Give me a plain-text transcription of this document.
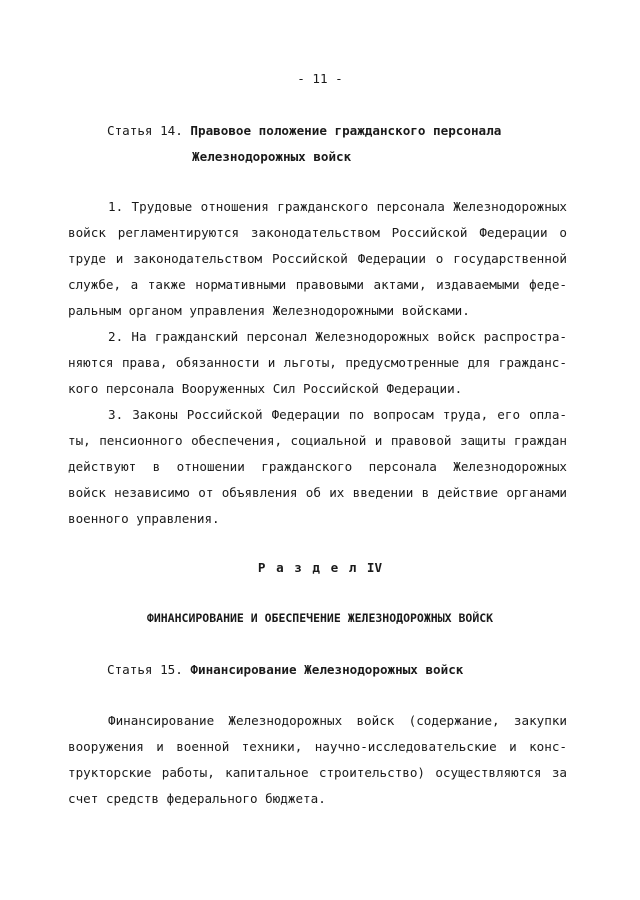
- 11 -
Статья 14. Правовое положение гражданского персонала
Железнодорожных войск

1. Трудовые отношения гражданского персонала Железнодорожных войск регламентируются законодательством Российской Федерации о труде и законодательством Российской Федерации о государственной службе, а также нормативными правовыми актами, издаваемыми федеральным органом управления Железнодорожными войсками.

2. На гражданский персонал Железнодорожных войск распространяются права, обязанности и льготы, предусмотренные для гражданского персонала Вооруженных Сил Российской Федерации.

3. Законы Российской Федерации по вопросам труда, его оплаты, пенсионного обеспечения, социальной и правовой защиты граждан действуют в отношении гражданского персонала Железнодорожных войск независимо от объявления об их введении в действие органами военного управления.

Р а з д е л IV
ФИНАНСИРОВАНИЕ И ОБЕСПЕЧЕНИЕ ЖЕЛЕЗНОДОРОЖНЫХ ВОЙСК
Статья 15. Финансирование Железнодорожных войск

Финансирование Железнодорожных войск (содержание, закупки вооружения и военной техники, научно-исследовательские и конструкторские работы, капитальное строительство) осуществляются за счет средств федерального бюджета.
